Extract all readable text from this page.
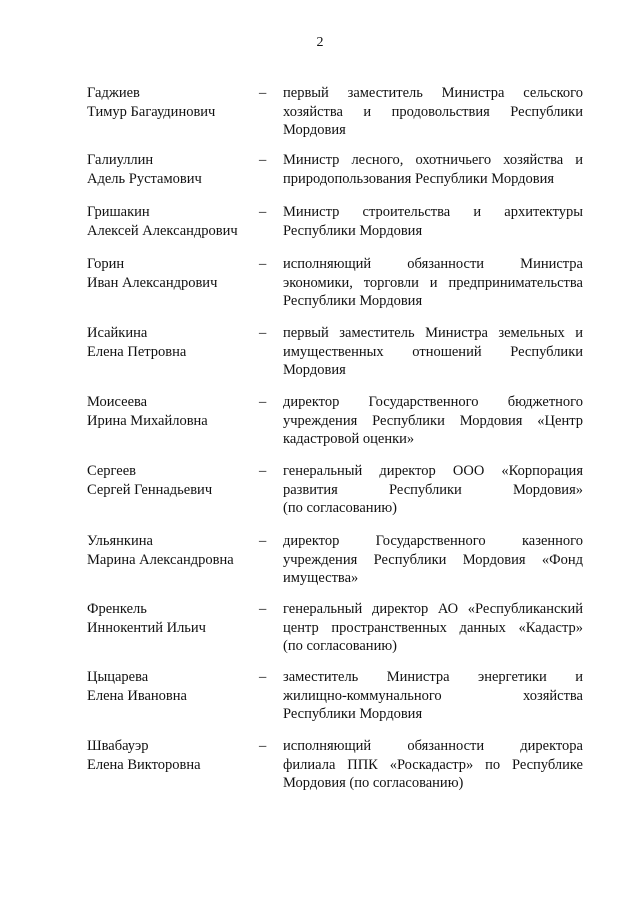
2
Гаджиев
Тимур Багаудинович
– первый заместитель Министра сельского
хозяйства и продовольствия Республики
Мордовия
Галиуллин
Адель Рустамович
– Министр лесного, охотничьего хозяйства и
природопользования Республики Мордовия
Гришакин
Алексей Александрович
– Министр строительства и архитектуры
Республики Мордовия
Горин
Иван Александрович
– исполняющий обязанности Министра
экономики, торговли и предпринимательства
Республики Мордовия
Исайкина
Елена Петровна
– первый заместитель Министра земельных и
имущественных отношений Республики
Мордовия
Моисеева
Ирина Михайловна
– директор Государственного бюджетного
учреждения Республики Мордовия «Центр
кадастровой оценки»
Сергеев
Сергей Геннадьевич
– генеральный директор ООО «Корпорация
развития Республики Мордовия»
(по согласованию)
Ульянкина
Марина Александровна
– директор Государственного казенного
учреждения Республики Мордовия «Фонд
имущества»
Френкель
Иннокентий Ильич
– генеральный директор АО «Республиканский
центр пространственных данных «Кадастр»
(по согласованию)
Цыцарева
Елена Ивановна
– заместитель Министра энергетики и
жилищно-коммунального хозяйства
Республики Мордовия
Швабауэр
Елена Викторовна
– исполняющий обязанности директора
филиала ППК «Роскадастр» по Республике
Мордовия (по согласованию)
